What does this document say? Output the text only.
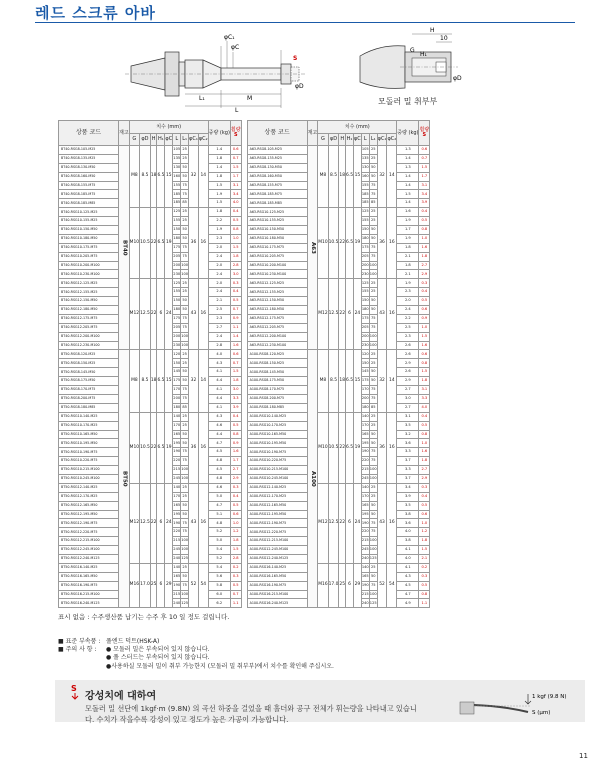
레드 스크류 아바
φC₁
φC
S
φD
L₁	M
L
H
10
G
H₁
φD
모돌러 밀 취부부
상품 코드	재고	치수 (mm)									중량 (kg)	휨량
S		상품 코드	재고	치수 (mm)									중량 (kg)	휨량
S
		G	φD	H	H₁	φC	L	L₁	φC₁	φC₂						G	φD	H	H₁	φC	L	L₁	φC₁	φC₂		
BT40-RSG8-105-M25	BT40	M8	8.5	18	6.5	15	105	25	32	14	1.4	0.6		A63-RSG8-105-M25	A63	M8	8.5	18	6.5	15	105	25	32	14	1.3	0.6
BT40-RSG8-135-M25							135	25			1.8	0.7		A63-RSG8-135-M25							135	25			1.4	0.7
BT40-RSG8-130-M50							130	50			1.4	1.5		A63-RSG8-130-M50							130	50			1.3	1.5
BT40-RSG8-160-M50							160	50			1.8	1.7		A63-RSG8-160-M50							160	50			1.4	1.7
BT40-RSG8-155-M75							155	75			1.5	3.1		A63-RSG8-155-M75							155	75			1.4	3.1
BT40-RSG8-185-M75							185	75			1.9	3.4		A63-RSG8-185-M75							185	75			1.5	3.4
BT40-RSG8-185-M85							185	85			1.5	4.0		A63-RSG8-185-M85							185	85			1.4	3.9
BT40-RSG10-125-M25		M10	10.5	22	6.5	19	125	25	36	16	1.8	0.4		A63-RSG10-125-M25		M10	10.5	22	6.5	19	125	25	36	16	1.6	0.4
BT40-RSG10-155-M25							155	25			2.2	0.5		A63-RSG10-155-M25							155	25			1.9	0.5
BT40-RSG10-150-M50							150	50			1.9	0.8		A63-RSG10-150-M50							150	50			1.7	0.8
BT40-RSG10-180-M50							180	50			2.3	1.0		A63-RSG10-180-M50							180	50			1.9	1.0
BT40-RSG10-175-M75							175	75			2.0	1.5		A63-RSG10-175-M75							175	75			1.8	1.6
BT40-RSG10-205-M75							205	75			2.4	1.8		A63-RSG10-205-M75							205	75			2.1	1.8
BT40-RSG10-200-M100							200	100			2.0	2.8		A63-RSG10-200-M100							200	100			1.8	2.7
BT40-RSG10-230-M100							230	100			2.4	3.0		A63-RSG10-230-M100							230	100			2.1	2.9
BT40-RSG12-125-M25		M12	12.5	22	6	24	125	25	43	16	2.0	0.3		A63-RSG12-125-M25		M12	12.5	22	6	24	125	25	43	16	1.9	0.3
BT40-RSG12-155-M25							155	25			2.4	0.4		A63-RSG12-155-M25							155	25			2.3	0.4
BT40-RSG12-150-M50							150	50			2.1	0.5		A63-RSG12-150-M50							150	50			2.0	0.5
BT40-RSG12-180-M50							180	50			2.5	0.7		A63-RSG12-180-M50							180	50			2.4	0.6
BT40-RSG12-175-M75							175	75			2.3	0.9		A63-RSG12-175-M75							175	75			2.2	0.9
BT40-RSG12-205-M75							205	75			2.7	1.1		A63-RSG12-205-M75							205	75			2.5	1.0
BT40-RSG12-200-M100							200	100			2.4	1.4		A63-RSG12-200-M100							200	100			2.3	1.5
BT40-RSG12-230-M100							230	100			2.8	1.6		A63-RSG12-230-M100							230	100			2.6	1.6
BT50-RSG8-120-M25	BT50	M8	8.5	18	6.5	15	120	25	32	14	4.0	0.6		A100-RSG8-120-M25	A100	M8	8.5	18	6.5	15	120	25	32	14	2.6	0.6
BT50-RSG8-150-M25							150	25			4.3	0.7		A100-RSG8-150-M25							150	25			2.9	0.8
BT50-RSG8-145-M50							145	50			4.1	1.5		A100-RSG8-145-M50							145	50			2.6	1.5
BT50-RSG8-175-M50							175	50			4.4	1.8		A100-RSG8-175-M50							175	50			2.9	1.8
BT50-RSG8-170-M75							170	75			4.1	3.0		A100-RSG8-170-M75							170	75			2.7	3.1
BT50-RSG8-200-M75							200	75			4.4	3.3		A100-RSG8-200-M75							200	75			3.0	3.3
BT50-RSG8-180-M85							180	85			4.1	3.9		A100-RSG8-180-M85							180	85			2.7	4.0
BT50-RSG10-140-M25		M10	10.5	22	6.5	19	140	25	36	16	4.3	0.4		A100-RSG10-140-M25		M10	10.5	22	6.5	19	140	25	36	16	3.1	0.4
BT50-RSG10-170-M25							170	25			4.6	0.5		A100-RSG10-170-M25							170	25			3.5	0.5
BT50-RSG10-165-M50							165	50			4.4	0.8		A100-RSG10-165-M50							165	50			3.2	0.8
BT50-RSG10-195-M50							195	50			4.7	0.9		A100-RSG10-195-M50							195	50			3.6	1.0
BT50-RSG10-190-M75							190	75			4.5	1.6		A100-RSG10-190-M75							190	75			3.3	1.6
BT50-RSG10-220-M75							220	75			4.8	1.7		A100-RSG10-220-M75							220	75			3.7	1.8
BT50-RSG10-215-M100							215	100			4.5	2.7		A100-RSG10-215-M100							215	100			3.3	2.7
BT50-RSG10-245-M100							245	100			4.8	2.9		A100-RSG10-245-M100							245	100			3.7	2.9
BT50-RSG12-140-M25		M12	12.5	22	6	24	140	25	43	16	4.6	0.3		A100-RSG12-140-M25		M12	12.5	22	6	24	140	25	43	16	3.4	0.3
BT50-RSG12-170-M25							170	25			5.0	0.4		A100-RSG12-170-M25							170	25			3.9	0.4
BT50-RSG12-165-M50							165	50			4.7	0.5		A100-RSG12-165-M50							165	50			3.5	0.5
BT50-RSG12-195-M50							195	50			5.1	0.6		A100-RSG12-195-M50							195	50			3.8	0.6
BT50-RSG12-190-M75							190	75			4.8	1.0		A100-RSG12-190-M75							190	75			3.6	1.0
BT50-RSG12-220-M75							220	75			5.2	1.2		A100-RSG12-220-M75							220	75			4.0	1.2
BT50-RSG12-215-M100							215	100			5.0	1.8		A100-RSG12-215-M100							215	100			3.8	1.8
BT50-RSG12-245-M100							245	100			5.4	1.5		A100-RSG12-245-M100							245	100			4.1	1.5
BT50-RSG12-240-M125							240	125			5.2	2.8		A100-RSG12-240-M125							240	125			4.0	2.1
BT50-RSG16-140-M25		M16	17.0	25	6	29	140	25	52	54	5.4	0.2		A100-RSG16-140-M25		M16	17.0	25	6	29	140	25	52	54	4.1	0.2
BT50-RSG16-165-M50							165	50			5.6	0.3		A100-RSG16-165-M50							165	50			4.3	0.3
BT50-RSG16-190-M75							190	75			5.8	0.5		A100-RSG16-190-M75							190	75			4.5	0.5
BT50-RSG16-215-M100							215	100			6.0	0.7		A100-RSG16-215-M100							215	100			4.7	0.8
BT50-RSG16-240-M125							240	125			6.2	1.1		A100-RSG16-240-M125							240	125			4.9	1.1
표시 없음 : 수주생산품 납기는 수주 후 10 일 정도 걸립니다.
■ 표준 부속품 : 풀엔드 덕트(HSK-A)
■ 주의 사 항 :	● 모돌러 밀은 부속되어 있지 않습니다.
● 풀 스터드는 부속되어 있지 않습니다.
●사용하실 모돌러 밀이 취부 가능한지 (모돌러 밀 취부부)에서 치수를 확인해 주십시오.
S
강성치에 대하여
모돌러 밀 선단에 1kgf·m (9.8N) 의 곡선 하중을 걸었을 때 홀더와 공구 전체가 휘는량을 나타내고 있습니다. 수치가 작을수록 강성이 있고 정도가 높은 가공이 가능합니다.
1 kgf (9.8 N)
S (μm)
11
